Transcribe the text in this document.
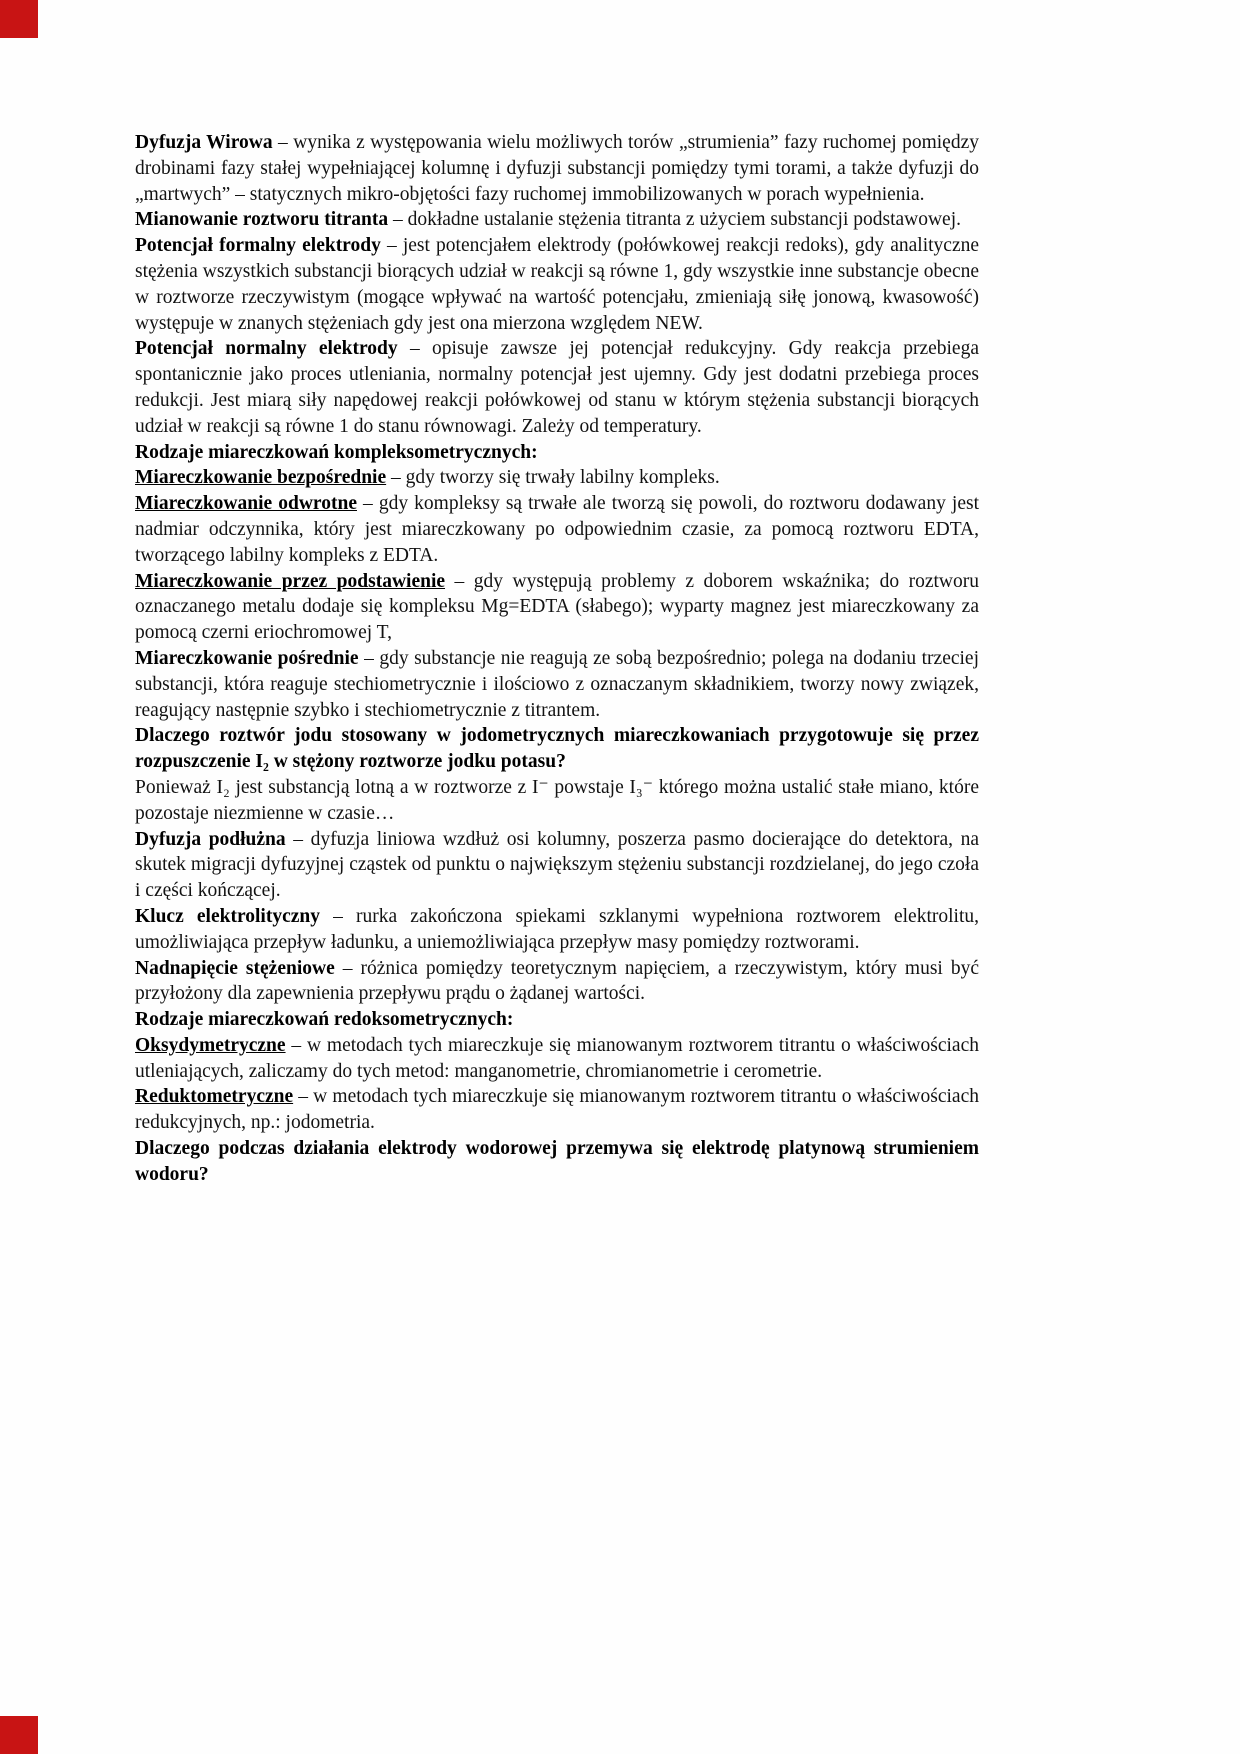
Dyfuzja Wirowa – wynika z występowania wielu możliwych torów „strumienia” fazy ruchomej pomiędzy drobinami fazy stałej wypełniającej kolumnę i dyfuzji substancji pomiędzy tymi torami, a także dyfuzji do „martwych” – statycznych mikro-objętości fazy ruchomej immobilizowanych w porach wypełnienia.

Mianowanie roztworu titranta – dokładne ustalanie stężenia titranta z użyciem substancji podstawowej.

Potencjał formalny elektrody – jest potencjałem elektrody (połówkowej reakcji redoks), gdy analityczne stężenia wszystkich substancji biorących udział w reakcji są równe 1, gdy wszystkie inne substancje obecne w roztworze rzeczywistym (mogące wpływać na wartość potencjału, zmieniają siłę jonową, kwasowość) występuje w znanych stężeniach gdy jest ona mierzona względem NEW.

Potencjał normalny elektrody – opisuje zawsze jej potencjał redukcyjny. Gdy reakcja przebiega spontanicznie jako proces utleniania, normalny potencjał jest ujemny. Gdy jest dodatni przebiega proces redukcji. Jest miarą siły napędowej reakcji połówkowej od stanu w którym stężenia substancji biorących udział w reakcji są równe 1 do stanu równowagi. Zależy od temperatury.

Rodzaje miareczkowań kompleksometrycznych:

Miareczkowanie bezpośrednie – gdy tworzy się trwały labilny kompleks.

Miareczkowanie odwrotne – gdy kompleksy są trwałe ale tworzą się powoli, do roztworu dodawany jest nadmiar odczynnika, który jest miareczkowany po odpowiednim czasie, za pomocą roztworu EDTA, tworzącego labilny kompleks z EDTA.

Miareczkowanie przez podstawienie – gdy występują problemy z doborem wskaźnika; do roztworu oznaczanego metalu dodaje się kompleksu Mg=EDTA (słabego); wyparty magnez jest miareczkowany za pomocą czerni eriochromowej T,

Miareczkowanie pośrednie – gdy substancje nie reagują ze sobą bezpośrednio; polega na dodaniu trzeciej substancji, która reaguje stechiometrycznie i ilościowo z oznaczanym składnikiem, tworzy nowy związek, reagujący następnie szybko i stechiometrycznie z titrantem.

Dlaczego roztwór jodu stosowany w jodometrycznych miareczkowaniach przygotowuje się przez rozpuszczenie I₂ w stężony roztworze jodku potasu?

Ponieważ I₂ jest substancją lotną a w roztworze z I⁻ powstaje I₃⁻ którego można ustalić stałe miano, które pozostaje niezmienne w czasie…

Dyfuzja podłużna – dyfuzja liniowa wzdłuż osi kolumny, poszerza pasmo docierające do detektora, na skutek migracji dyfuzyjnej cząstek od punktu o największym stężeniu substancji rozdzielanej, do jego czoła i części kończącej.

Klucz elektrolityczny – rurka zakończona spiekami szklanymi wypełniona roztworem elektrolitu, umożliwiająca przepływ ładunku, a uniemożliwiająca przepływ masy pomiędzy roztworami.

Nadnapięcie stężeniowe – różnica pomiędzy teoretycznym napięciem, a rzeczywistym, który musi być przyłożony dla zapewnienia przepływu prądu o żądanej wartości.

Rodzaje miareczkowań redoksometrycznych:

Oksydymetryczne – w metodach tych miareczkuje się mianowanym roztworem titrantu o właściwościach utleniających, zaliczamy do tych metod: manganometrie, chromianometrie i cerometrie.

Reduktometryczne – w metodach tych miareczkuje się mianowanym roztworem titrantu o właściwościach redukcyjnych, np.: jodometria.

Dlaczego podczas działania elektrody wodorowej przemywa się elektrodę platynową strumieniem wodoru?
